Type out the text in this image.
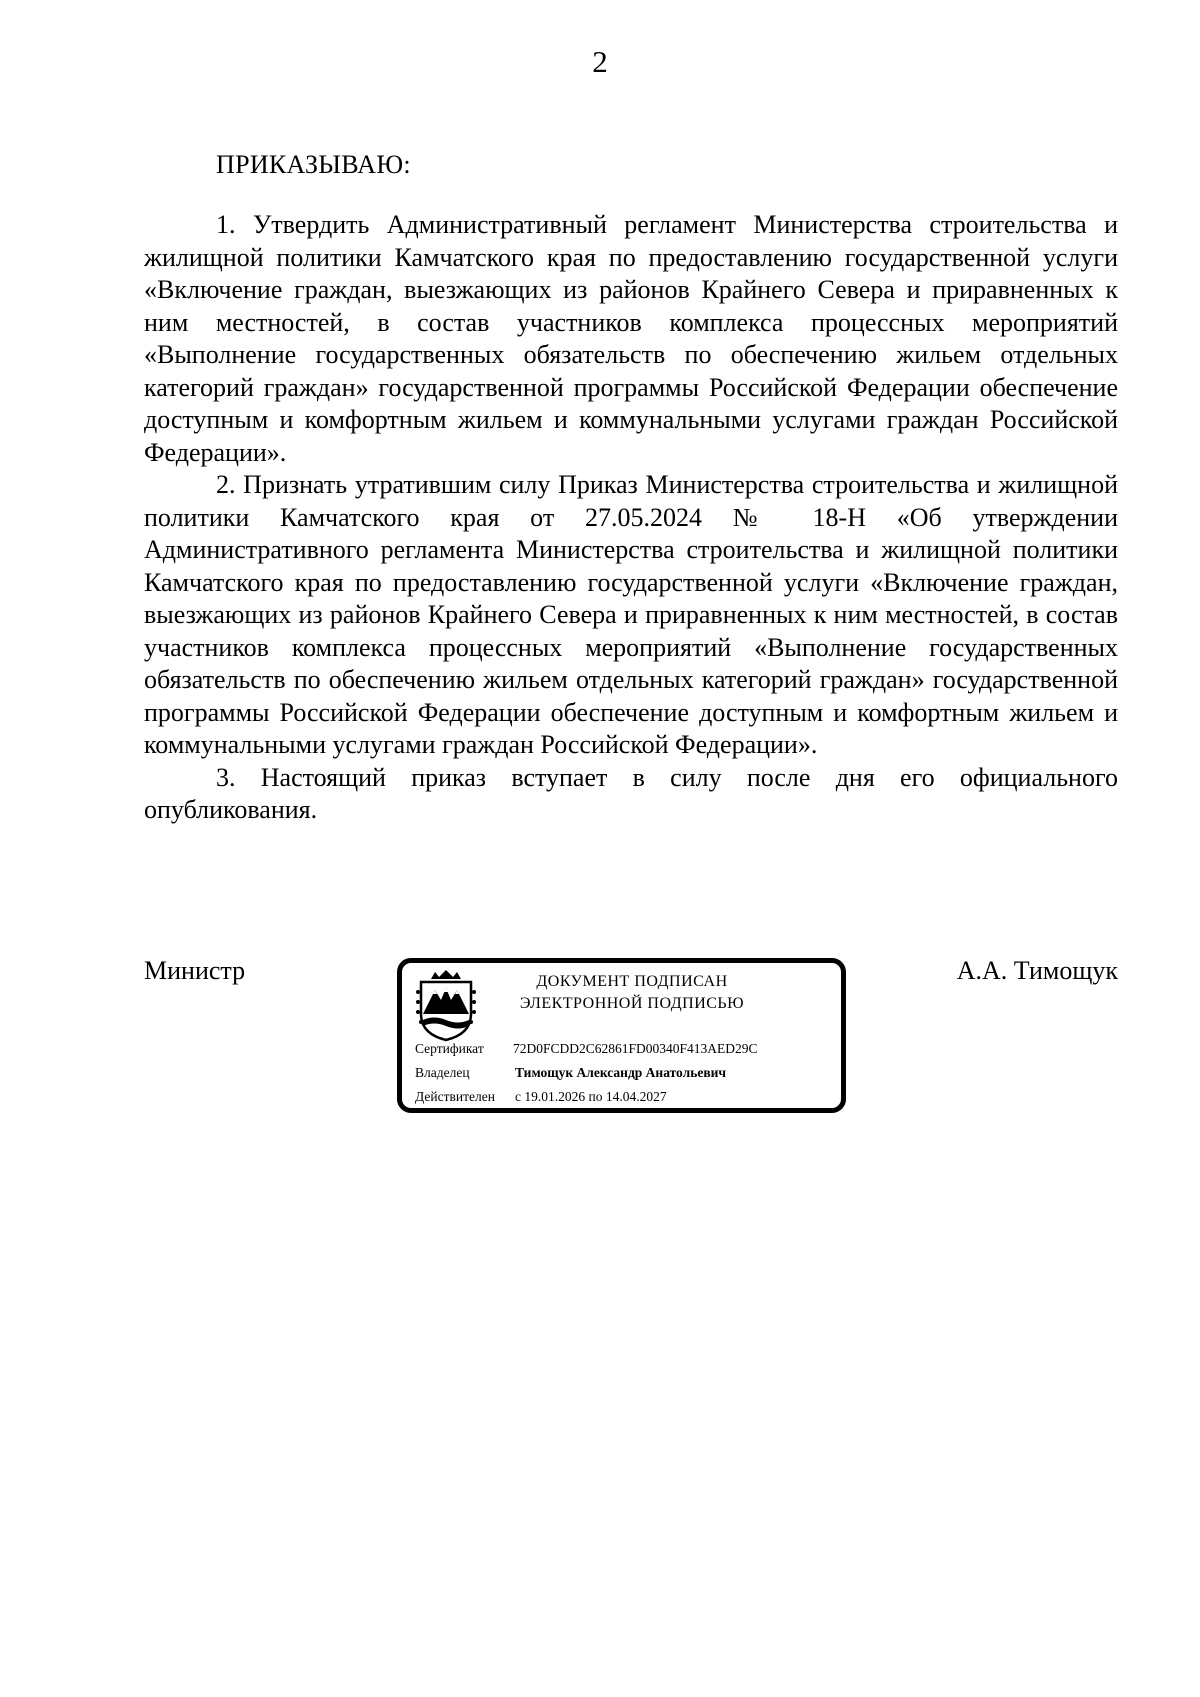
2
ПРИКАЗЫВАЮ:

1. Утвердить Административный регламент Министерства строительства и жилищной политики Камчатского края по предоставлению государственной услуги «Включение граждан, выезжающих из районов Крайнего Севера и приравненных к ним местностей, в состав участников комплекса процессных мероприятий «Выполнение государственных обязательств по обеспечению жильем отдельных категорий граждан» государственной программы Российской Федерации обеспечение доступным и комфортным жильем и коммунальными услугами граждан Российской Федерации».

2. Признать утратившим силу Приказ Министерства строительства и жилищной политики Камчатского края от 27.05.2024 № 18-Н «Об утверждении Административного регламента Министерства строительства и жилищной политики Камчатского края по предоставлению государственной услуги «Включение граждан, выезжающих из районов Крайнего Севера и приравненных к ним местностей, в состав участников комплекса процессных мероприятий «Выполнение государственных обязательств по обеспечению жильем отдельных категорий граждан» государственной программы Российской Федерации обеспечение доступным и комфортным жильем и коммунальными услугами граждан Российской Федерации».

3. Настоящий приказ вступает в силу после дня его официального опубликования.

Министр	ДОКУМЕНТ ПОДПИСАН
ЭЛЕКТРОННОЙ ПОДПИСЬЮ
Сертификат 72D0FCDD2C62861FD00340F413AED29C
Владелец	Тимощук Александр Анатольевич
Действителен с 19.01.2026 по 14.04.2027
А.А. Тимощук
